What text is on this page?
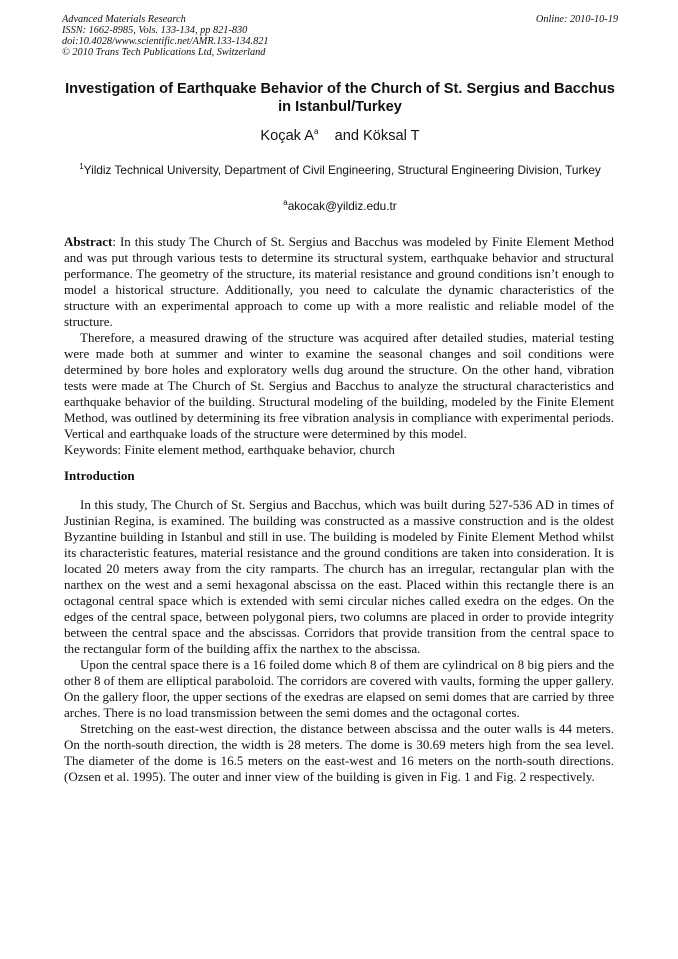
Advanced Materials Research
ISSN: 1662-8985, Vols. 133-134, pp 821-830
doi:10.4028/www.scientific.net/AMR.133-134.821
© 2010 Trans Tech Publications Ltd, Switzerland
Online: 2010-10-19
Investigation of Earthquake Behavior of the Church of St. Sergius and Bacchus in Istanbul/Turkey
Koçak $A^a$ and Köksal T
$^1$Yildiz Technical University, Department of Civil Engineering, Structural Engineering Division, Turkey
$^a$akocak@yildiz.edu.tr

Abstract: In this study The Church of St. Sergius and Bacchus was modeled by Finite Element Method and was put through various tests to determine its structural system, earthquake behavior and structural performance. The geometry of the structure, its material resistance and ground conditions isn’t enough to model a historical structure. Additionally, you need to calculate the dynamic characteristics of the structure with an experimental approach to come up with a more realistic and reliable model of the structure.

Therefore, a measured drawing of the structure was acquired after detailed studies, material testing were made both at summer and winter to examine the seasonal changes and soil conditions were determined by bore holes and exploratory wells dug around the structure. On the other hand, vibration tests were made at The Church of St. Sergius and Bacchus to analyze the structural characteristics and earthquake behavior of the building. Structural modeling of the building, modeled by the Finite Element Method, was outlined by determining its free vibration analysis in compliance with experimental periods. Vertical and earthquake loads of the structure were determined by this model.

Keywords: Finite element method, earthquake behavior, church

Introduction

In this study, The Church of St. Sergius and Bacchus, which was built during 527-536 AD in times of Justinian Regina, is examined. The building was constructed as a massive construction and is the oldest Byzantine building in Istanbul and still in use. The building is modeled by Finite Element Method whilst its characteristic features, material resistance and the ground conditions are taken into consideration. It is located 20 meters away from the city ramparts. The church has an irregular, rectangular plan with the narthex on the west and a semi hexagonal abscissa on the east. Placed within this rectangle there is an octagonal central space which is extended with semi circular niches called exedra on the edges. On the edges of the central space, between polygonal piers, two columns are placed in order to provide integrity between the central space and the abscissas. Corridors that provide transition from the central space to the rectangular form of the building affix the narthex to the abscissa.

Upon the central space there is a 16 foiled dome which 8 of them are cylindrical on 8 big piers and the other 8 of them are elliptical paraboloid. The corridors are covered with vaults, forming the upper gallery. On the gallery floor, the upper sections of the exedras are elapsed on semi domes that are carried by three arches. There is no load transmission between the semi domes and the octagonal cortes.

Stretching on the east-west direction, the distance between abscissa and the outer walls is 44 meters. On the north-south direction, the width is 28 meters. The dome is 30.69 meters high from the sea level. The diameter of the dome is 16.5 meters on the east-west and 16 meters on the north-south directions. (Ozsen et al. 1995). The outer and inner view of the building is given in Fig. 1 and Fig. 2 respectively.
